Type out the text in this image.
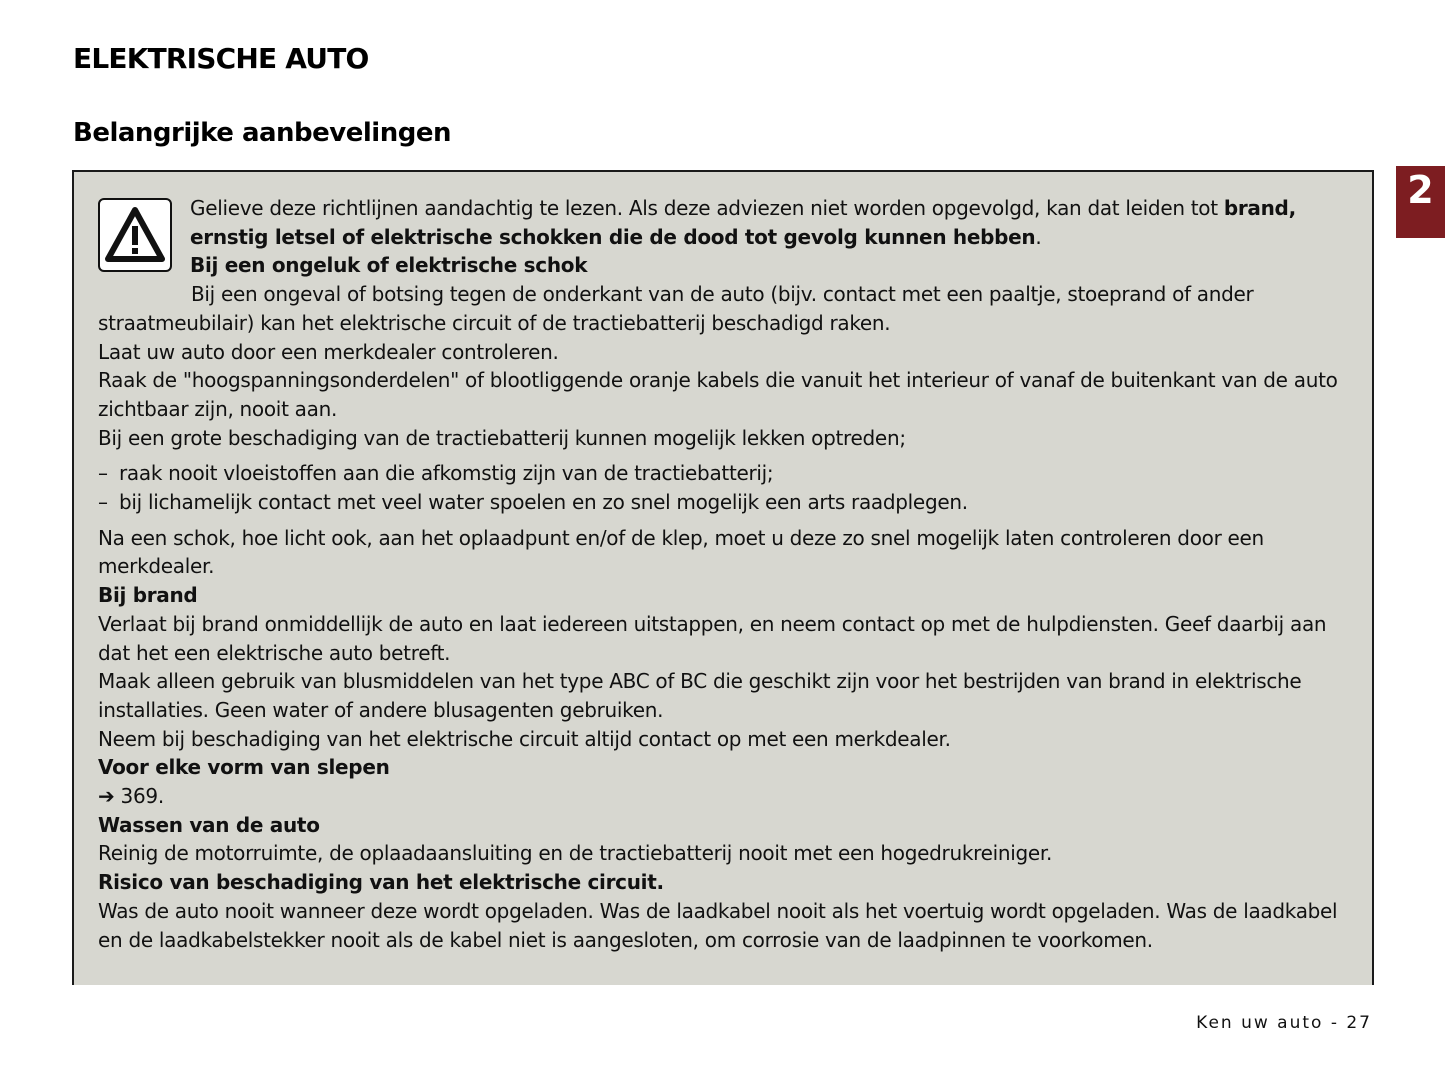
ELEKTRISCHE AUTO
Belangrijke aanbevelingen
2

Gelieve deze richtlijnen aandachtig te lezen. Als deze adviezen niet worden opgevolgd, kan dat leiden tot brand, ernstig letsel of elektrische schokken die de dood tot gevolg kunnen hebben.

Bij een ongeluk of elektrische schok

Bij een ongeval of botsing tegen de onderkant van de auto (bijv. contact met een paaltje, stoeprand of ander straatmeubilair) kan het elektrische circuit of de tractiebatterij beschadigd raken.

Laat uw auto door een merkdealer controleren.

Raak de "hoogspanningsonderdelen" of blootliggende oranje kabels die vanuit het interieur of vanaf de buitenkant van de auto zichtbaar zijn, nooit aan.

Bij een grote beschadiging van de tractiebatterij kunnen mogelijk lekken optreden;

– raak nooit vloeistoffen aan die afkomstig zijn van de tractiebatterij;
– bij lichamelijk contact met veel water spoelen en zo snel mogelijk een arts raadplegen.

Na een schok, hoe licht ook, aan het oplaadpunt en/of de klep, moet u deze zo snel mogelijk laten controleren door een merkdealer.

Bij brand

Verlaat bij brand onmiddellijk de auto en laat iedereen uitstappen, en neem contact op met de hulpdiensten. Geef daarbij aan dat het een elektrische auto betreft.

Maak alleen gebruik van blusmiddelen van het type ABC of BC die geschikt zijn voor het bestrijden van brand in elektrische installaties. Geen water of andere blusagenten gebruiken.

Neem bij beschadiging van het elektrische circuit altijd contact op met een merkdealer.

Voor elke vorm van slepen

➔ 369.

Wassen van de auto

Reinig de motorruimte, de oplaadaansluiting en de tractiebatterij nooit met een hogedrukreiniger.

Risico van beschadiging van het elektrische circuit.

Was de auto nooit wanneer deze wordt opgeladen. Was de laadkabel nooit als het voertuig wordt opgeladen. Was de laadkabel en de laadkabelstekker nooit als de kabel niet is aangesloten, om corrosie van de laadpinnen te voorkomen.

Ken uw auto - 27
